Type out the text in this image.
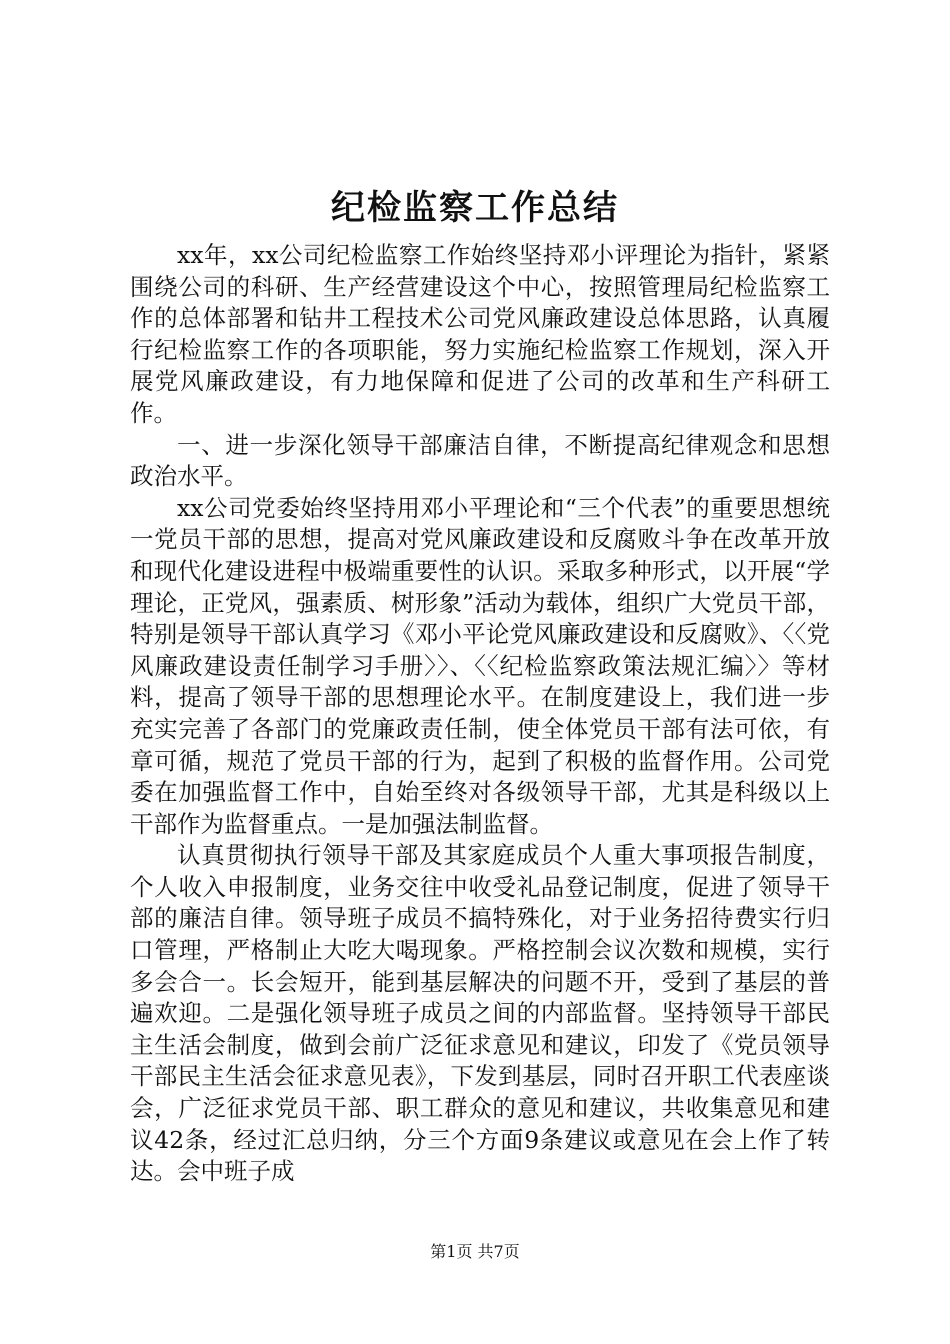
纪检监察工作总结

xx年，xx公司纪检监察工作始终坚持邓小评理论为指针，紧紧围绕公司的科研、生产经营建设这个中心，按照管理局纪检监察工作的总体部署和钻井工程技术公司党风廉政建设总体思路，认真履行纪检监察工作的各项职能，努力实施纪检监察工作规划，深入开展党风廉政建设，有力地保障和促进了公司的改革和生产科研工作。

一、进一步深化领导干部廉洁自律，不断提高纪律观念和思想政治水平。

xx公司党委始终坚持用邓小平理论和“三个代表”的重要思想统一党员干部的思想，提高对党风廉政建设和反腐败斗争在改革开放和现代化建设进程中极端重要性的认识。采取多种形式，以开展“学理论，正党风，强素质、树形象”活动为载体，组织广大党员干部，特别是领导干部认真学习《邓小平论党风廉政建设和反腐败》、〈〈党风廉政建设责任制学习手册〉〉、〈〈纪检监察政策法规汇编〉〉等材料，提高了领导干部的思想理论水平。在制度建设上，我们进一步充实完善了各部门的党廉政责任制，使全体党员干部有法可依，有章可循，规范了党员干部的行为，起到了积极的监督作用。公司党委在加强监督工作中，自始至终对各级领导干部，尤其是科级以上干部作为监督重点。一是加强法制监督。

认真贯彻执行领导干部及其家庭成员个人重大事项报告制度，个人收入申报制度，业务交往中收受礼品登记制度，促进了领导干部的廉洁自律。领导班子成员不搞特殊化，对于业务招待费实行归口管理，严格制止大吃大喝现象。严格控制会议次数和规模，实行多会合一。长会短开，能到基层解决的问题不开，受到了基层的普遍欢迎。二是强化领导班子成员之间的内部监督。坚持领导干部民主生活会制度，做到会前广泛征求意见和建议，印发了《党员领导干部民主生活会征求意见表》，下发到基层，同时召开职工代表座谈会，广泛征求党员干部、职工群众的意见和建议，共收集意见和建议42条，经过汇总归纳，分三个方面9条建议或意见在会上作了转达。会中班子成

第1页 共7页
